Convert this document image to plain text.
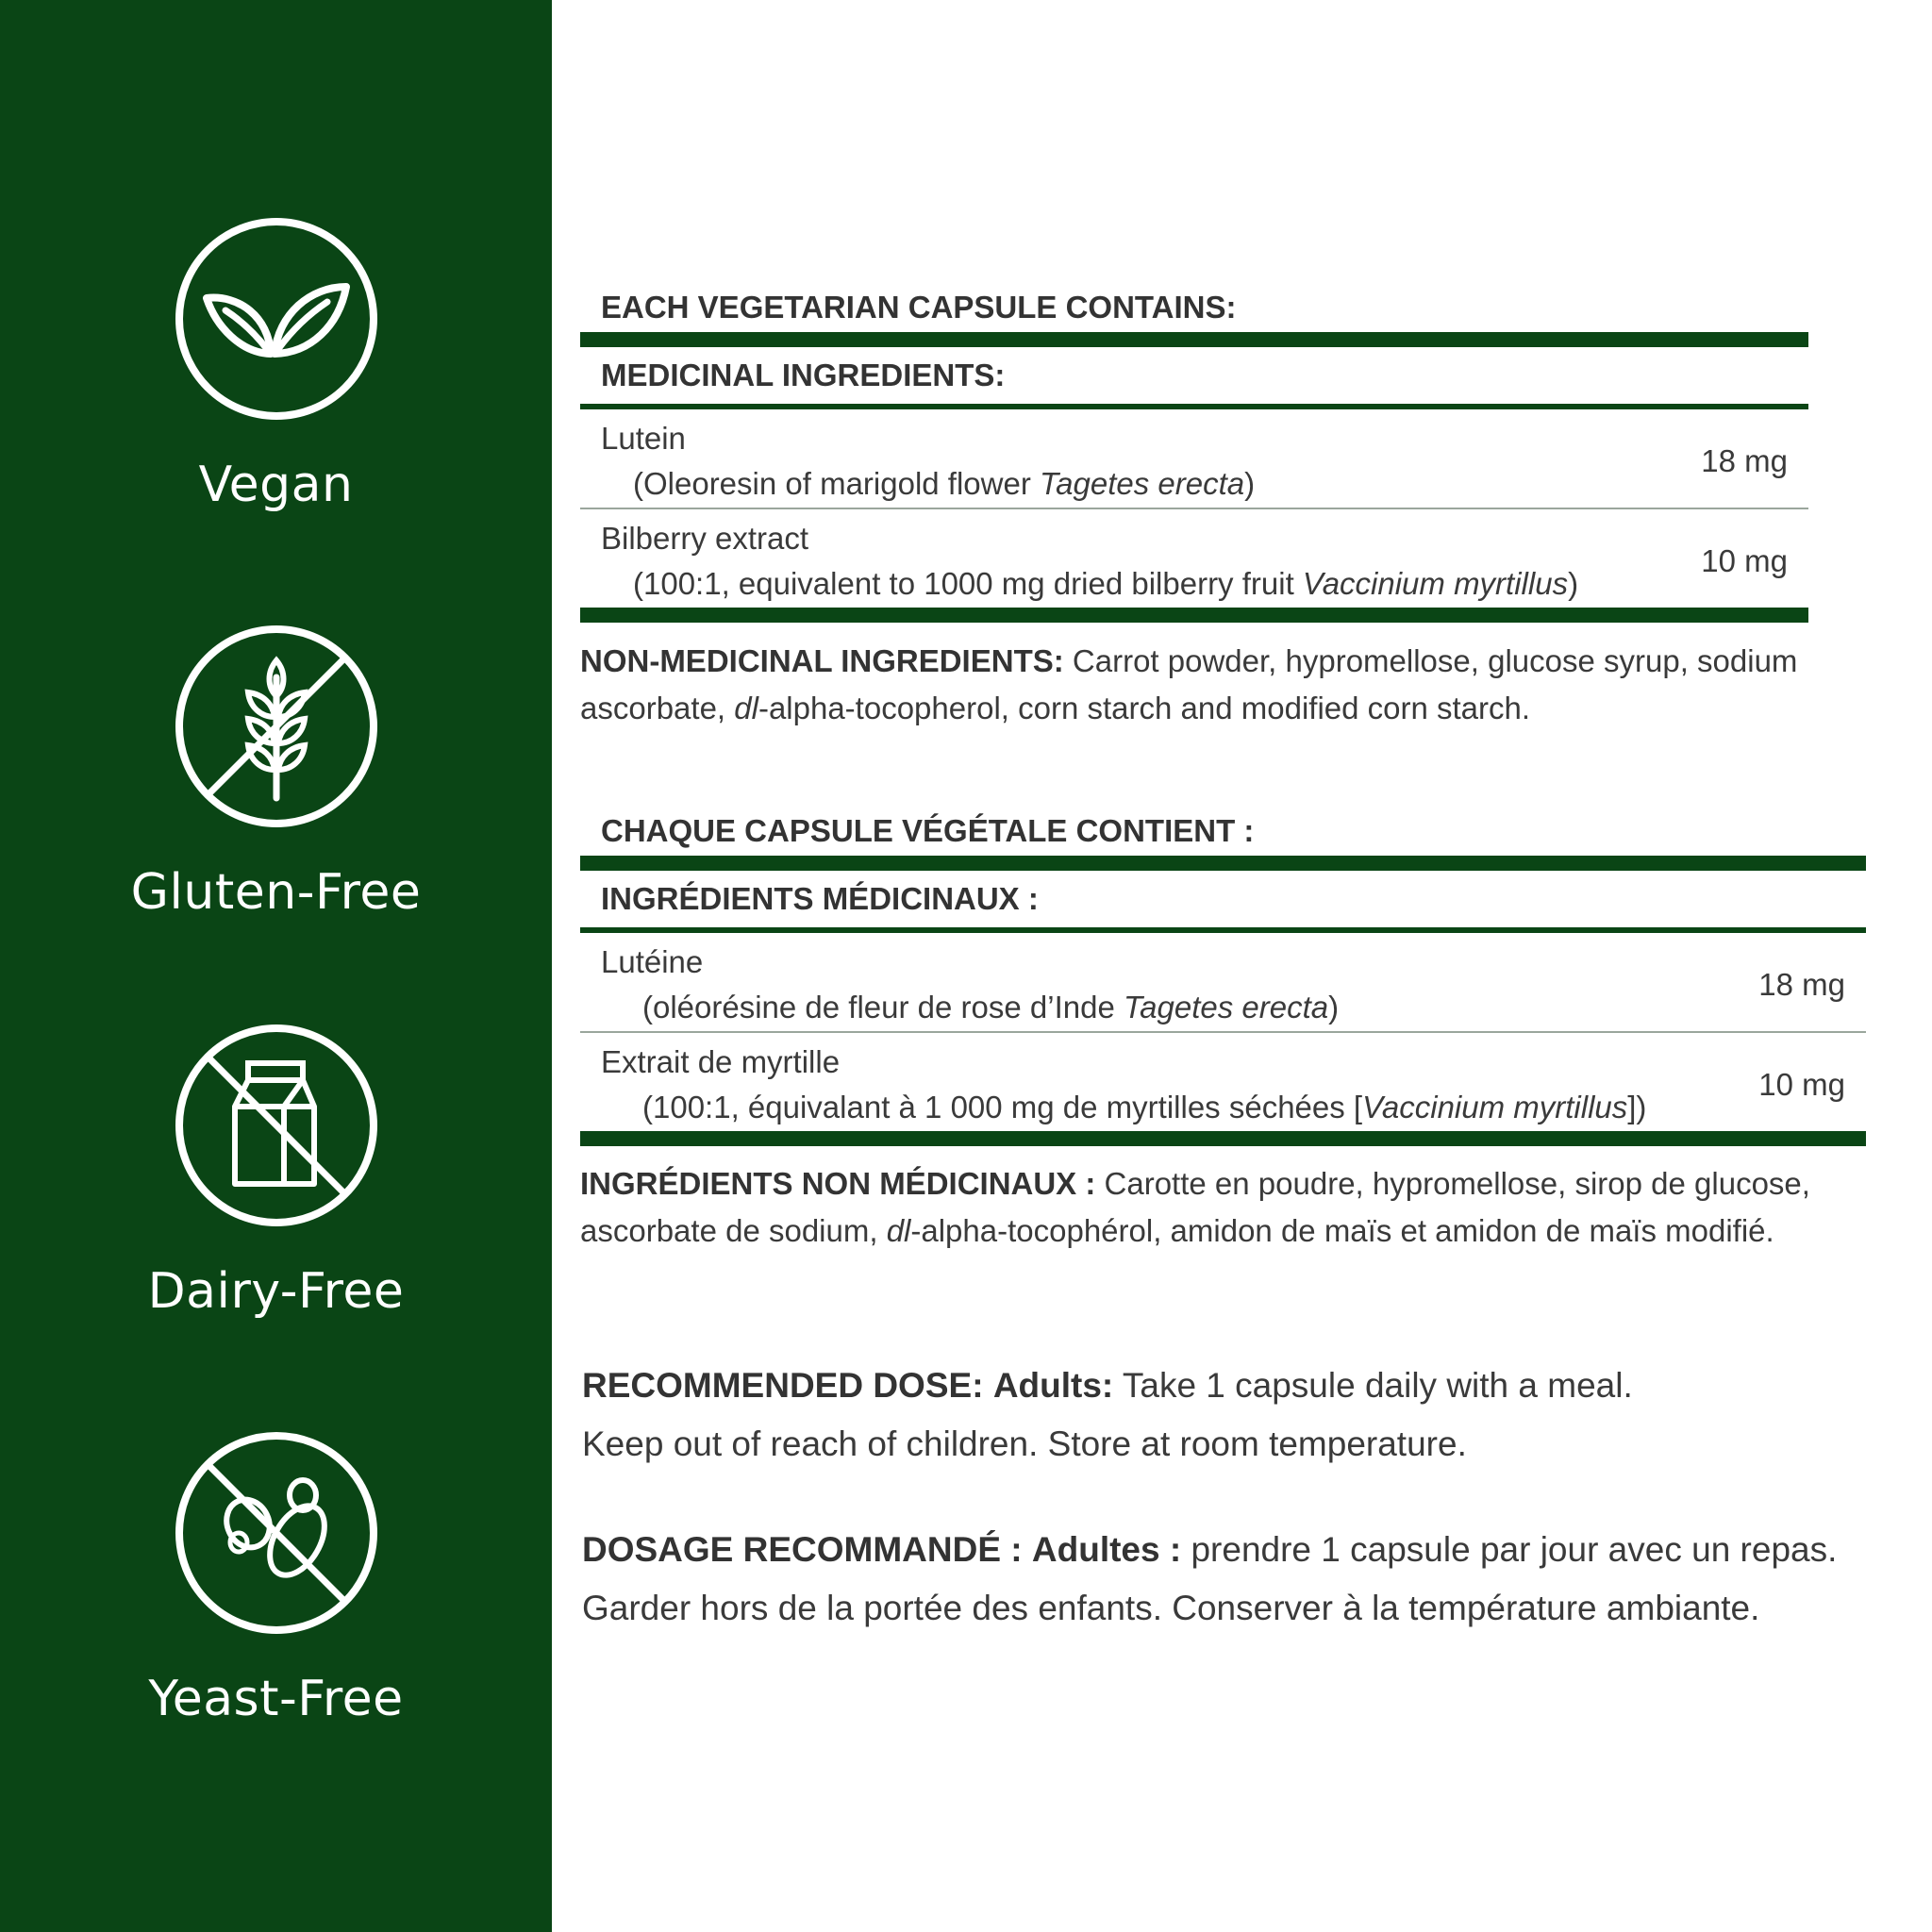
Vegan
Gluten-Free
Dairy-Free
Yeast-Free
EACH VEGETARIAN CAPSULE CONTAINS:
MEDICINAL INGREDIENTS:
Lutein
(Oleoresin of marigold flower Tagetes erecta)
18 mg
Bilberry extract
(100:1, equivalent to 1000 mg dried bilberry fruit Vaccinium myrtillus)
10 mg

NON-MEDICINAL INGREDIENTS: Carrot powder, hypromellose, glucose syrup, sodium ascorbate, dl-alpha-tocopherol, corn starch and modified corn starch.

CHAQUE CAPSULE VÉGÉTALE CONTIENT :
INGRÉDIENTS MÉDICINAUX :
Lutéine
(oléorésine de fleur de rose d’Inde Tagetes erecta)
18 mg
Extrait de myrtille
(100:1, équivalant à 1 000 mg de myrtilles séchées [Vaccinium myrtillus])
10 mg

INGRÉDIENTS NON MÉDICINAUX : Carotte en poudre, hypromellose, sirop de glucose, ascorbate de sodium, dl-alpha-tocophérol, amidon de maïs et amidon de maïs modifié.

RECOMMENDED DOSE: Adults: Take 1 capsule daily with a meal.
Keep out of reach of children. Store at room temperature.
DOSAGE RECOMMANDÉ : Adultes : prendre 1 capsule par jour avec un repas.
Garder hors de la portée des enfants. Conserver à la température ambiante.
